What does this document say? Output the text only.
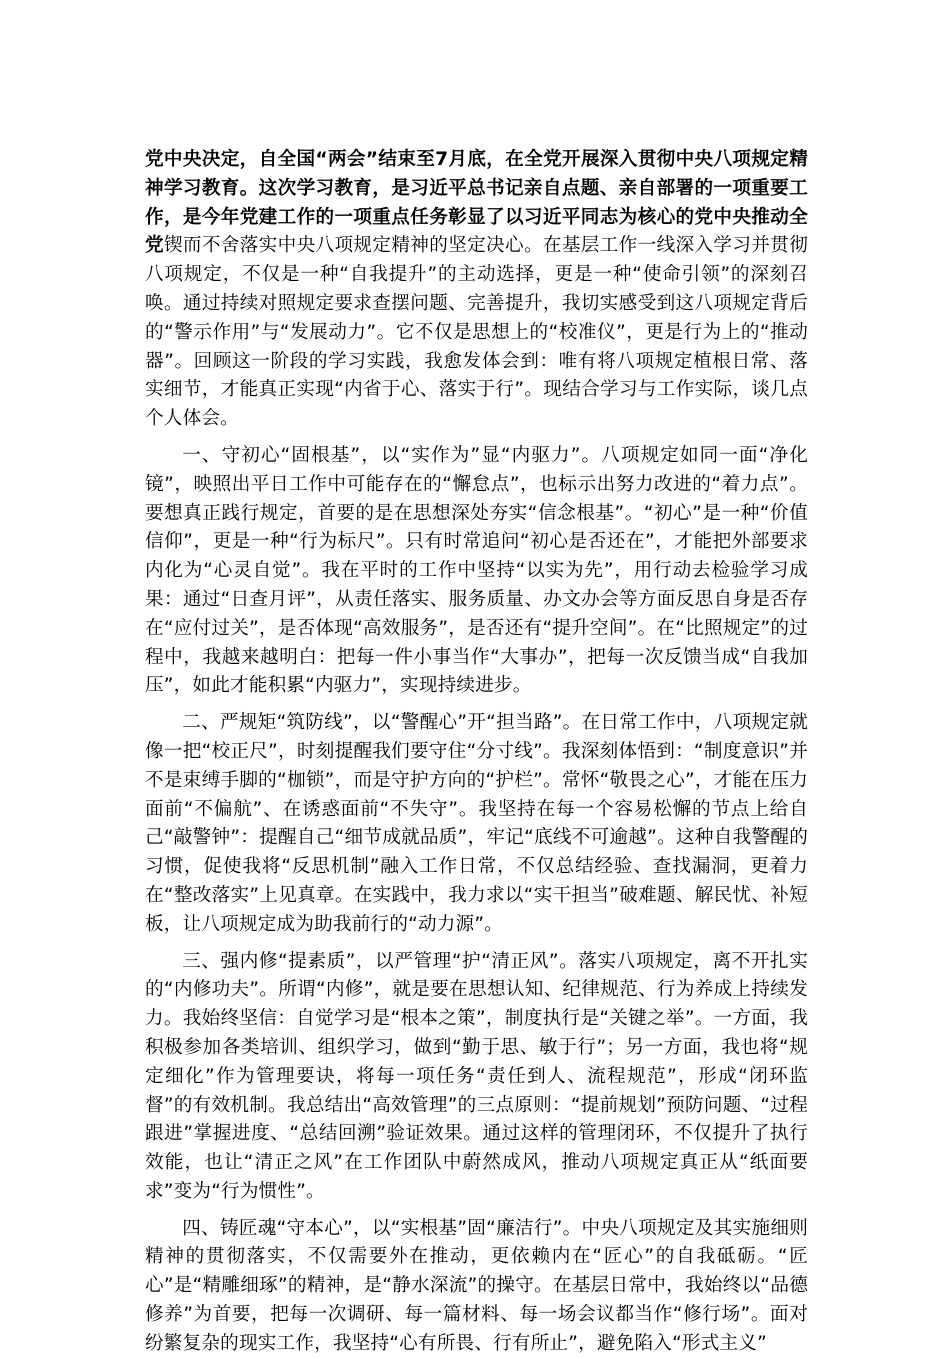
党中央决定，自全国“两会”结束至7月底，在全党开展深入贯彻中央八项规定精神学习教育。这次学习教育，是习近平总书记亲自点题、亲自部署的一项重要工作，是今年党建工作的一项重点任务彰显了以习近平同志为核心的党中央推动全党锲而不舍落实中央八项规定精神的坚定决心。在基层工作一线深入学习并贯彻八项规定，不仅是一种“自我提升”的主动选择，更是一种“使命引领”的深刻召唤。通过持续对照规定要求查摆问题、完善提升，我切实感受到这八项规定背后的“警示作用”与“发展动力”。它不仅是思想上的“校准仪”，更是行为上的“推动器”。回顾这一阶段的学习实践，我愈发体会到：唯有将八项规定植根日常、落实细节，才能真正实现“内省于心、落实于行”。现结合学习与工作实际，谈几点个人体会。

一、守初心“固根基”，以“实作为”显“内驱力”。八项规定如同一面“净化镜”，映照出平日工作中可能存在的“懈怠点”，也标示出努力改进的“着力点”。要想真正践行规定，首要的是在思想深处夯实“信念根基”。“初心”是一种“价值信仰”，更是一种“行为标尺”。只有时常追问“初心是否还在”，才能把外部要求内化为“心灵自觉”。我在平时的工作中坚持“以实为先”，用行动去检验学习成果：通过“日查月评”，从责任落实、服务质量、办文办会等方面反思自身是否存在“应付过关”，是否体现“高效服务”，是否还有“提升空间”。在“比照规定”的过程中，我越来越明白：把每一件小事当作“大事办”，把每一次反馈当成“自我加压”，如此才能积累“内驱力”，实现持续进步。

二、严规矩“筑防线”，以“警醒心”开“担当路”。在日常工作中，八项规定就像一把“校正尺”，时刻提醒我们要守住“分寸线”。我深刻体悟到：“制度意识”并不是束缚手脚的“枷锁”，而是守护方向的“护栏”。常怀“敬畏之心”，才能在压力面前“不偏航”、在诱惑面前“不失守”。我坚持在每一个容易松懈的节点上给自己“敲警钟”：提醒自己“细节成就品质”，牢记“底线不可逾越”。这种自我警醒的习惯，促使我将“反思机制”融入工作日常，不仅总结经验、查找漏洞，更着力在“整改落实”上见真章。在实践中，我力求以“实干担当”破难题、解民忧、补短板，让八项规定成为助我前行的“动力源”。

三、强内修“提素质”，以严管理“护“清正风”。落实八项规定，离不开扎实的“内修功夫”。所谓“内修”，就是要在思想认知、纪律规范、行为养成上持续发力。我始终坚信：自觉学习是“根本之策”，制度执行是“关键之举”。一方面，我积极参加各类培训、组织学习，做到“勤于思、敏于行”；另一方面，我也将“规定细化”作为管理要诀，将每一项任务“责任到人、流程规范”，形成“闭环监督”的有效机制。我总结出“高效管理”的三点原则：“提前规划”预防问题、“过程跟进”掌握进度、“总结回溯”验证效果。通过这样的管理闭环，不仅提升了执行效能，也让“清正之风”在工作团队中蔚然成风，推动八项规定真正从“纸面要求”变为“行为惯性”。

四、铸匠魂“守本心”，以“实根基”固“廉洁行”。中央八项规定及其实施细则精神的贯彻落实，不仅需要外在推动，更依赖内在“匠心”的自我砥砺。“匠心”是“精雕细琢”的精神，是“静水深流”的操守。在基层日常中，我始终以“品德修养”为首要，把每一次调研、每一篇材料、每一场会议都当作“修行场”。面对纷繁复杂的现实工作，我坚持“心有所畏、行有所止”，避免陷入“形式主义”
